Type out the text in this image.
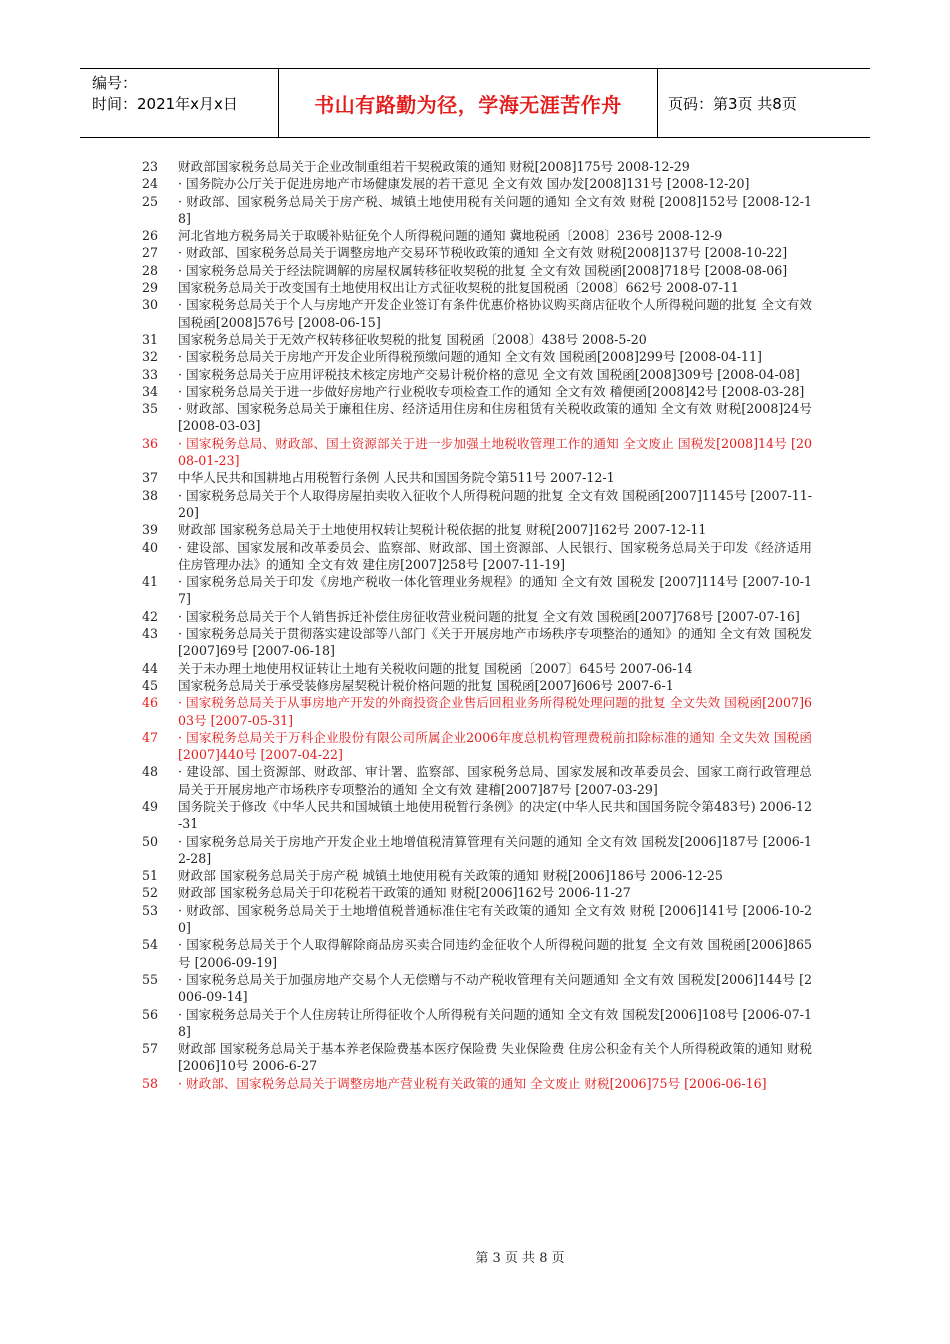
编号：
时间：2021年x月x日	书山有路勤为径，学海无涯苦作舟	页码：第3页 共8页
23	财政部国家税务总局关于企业改制重组若干契税政策的通知 财税[2008]175号 2008-12-29
24	· 国务院办公厅关于促进房地产市场健康发展的若干意见 全文有效 国办发[2008]131号 [2008-12-20]
25	· 财政部、国家税务总局关于房产税、城镇土地使用税有关问题的通知 全文有效 财税 [2008]152号 [2008-12-18]
26	河北省地方税务局关于取暖补贴征免个人所得税问题的通知 冀地税函〔2008〕236号 2008-12-9
27	· 财政部、国家税务总局关于调整房地产交易环节税收政策的通知 全文有效 财税[2008]137号 [2008-10-22]
28	· 国家税务总局关于经法院调解的房屋权属转移征收契税的批复 全文有效 国税函[2008]718号 [2008-08-06]
29	国家税务总局关于改变国有土地使用权出让方式征收契税的批复国税函〔2008〕662号 2008-07-11
30	· 国家税务总局关于个人与房地产开发企业签订有条件优惠价格协议购买商店征收个人所得税问题的批复 全文有效 国税函[2008]576号 [2008-06-15]
31	国家税务总局关于无效产权转移征收契税的批复 国税函〔2008〕438号 2008-5-20
32	· 国家税务总局关于房地产开发企业所得税预缴问题的通知 全文有效 国税函[2008]299号 [2008-04-11]
33	· 国家税务总局关于应用评税技术核定房地产交易计税价格的意见 全文有效 国税函[2008]309号 [2008-04-08]
34	· 国家税务总局关于进一步做好房地产行业税收专项检查工作的通知 全文有效 稽便函[2008]42号 [2008-03-28]
35	· 财政部、国家税务总局关于廉租住房、经济适用住房和住房租赁有关税收政策的通知 全文有效 财税[2008]24号 [2008-03-03]
36	· 国家税务总局、财政部、国土资源部关于进一步加强土地税收管理工作的通知 全文废止 国税发[2008]14号 [2008-01-23]
37	中华人民共和国耕地占用税暂行条例 人民共和国国务院令第511号 2007-12-1
38	· 国家税务总局关于个人取得房屋拍卖收入征收个人所得税问题的批复 全文有效 国税函[2007]1145号 [2007-11-20]
39	财政部 国家税务总局关于土地使用权转让契税计税依据的批复 财税[2007]162号 2007-12-11
40	· 建设部、国家发展和改革委员会、监察部、财政部、国土资源部、人民银行、国家税务总局关于印发《经济适用住房管理办法》的通知 全文有效 建住房[2007]258号 [2007-11-19]
41	· 国家税务总局关于印发《房地产税收一体化管理业务规程》的通知 全文有效 国税发 [2007]114号 [2007-10-17]
42	· 国家税务总局关于个人销售拆迁补偿住房征收营业税问题的批复 全文有效 国税函[2007]768号 [2007-07-16]
43	· 国家税务总局关于贯彻落实建设部等八部门《关于开展房地产市场秩序专项整治的通知》的通知 全文有效 国税发[2007]69号 [2007-06-18]
44	关于未办理土地使用权证转让土地有关税收问题的批复 国税函〔2007〕645号 2007-06-14
45	国家税务总局关于承受装修房屋契税计税价格问题的批复 国税函[2007]606号 2007-6-1
46	· 国家税务总局关于从事房地产开发的外商投资企业售后回租业务所得税处理问题的批复 全文失效 国税函[2007]603号 [2007-05-31]
47	· 国家税务总局关于万科企业股份有限公司所属企业2006年度总机构管理费税前扣除标准的通知 全文失效 国税函[2007]440号 [2007-04-22]
48	· 建设部、国土资源部、财政部、审计署、监察部、国家税务总局、国家发展和改革委员会、国家工商行政管理总局关于开展房地产市场秩序专项整治的通知 全文有效 建稽[2007]87号 [2007-03-29]
49	国务院关于修改《中华人民共和国城镇土地使用税暂行条例》的决定(中华人民共和国国务院令第483号) 2006-12-31
50	· 国家税务总局关于房地产开发企业土地增值税清算管理有关问题的通知 全文有效 国税发[2006]187号 [2006-12-28]
51	财政部 国家税务总局关于房产税 城镇土地使用税有关政策的通知 财税[2006]186号 2006-12-25
52	财政部 国家税务总局关于印花税若干政策的通知 财税[2006]162号 2006-11-27
53	· 财政部、国家税务总局关于土地增值税普通标准住宅有关政策的通知 全文有效 财税 [2006]141号 [2006-10-20]
54	· 国家税务总局关于个人取得解除商品房买卖合同违约金征收个人所得税问题的批复 全文有效 国税函[2006]865号 [2006-09-19]
55	· 国家税务总局关于加强房地产交易个人无偿赠与不动产税收管理有关问题通知 全文有效 国税发[2006]144号 [2006-09-14]
56	· 国家税务总局关于个人住房转让所得征收个人所得税有关问题的通知 全文有效 国税发[2006]108号 [2006-07-18]
57	财政部 国家税务总局关于基本养老保险费基本医疗保险费 失业保险费 住房公积金有关个人所得税政策的通知 财税[2006]10号 2006-6-27
58	· 财政部、国家税务总局关于调整房地产营业税有关政策的通知 全文废止 财税[2006]75号 [2006-06-16]
第 3 页 共 8 页
